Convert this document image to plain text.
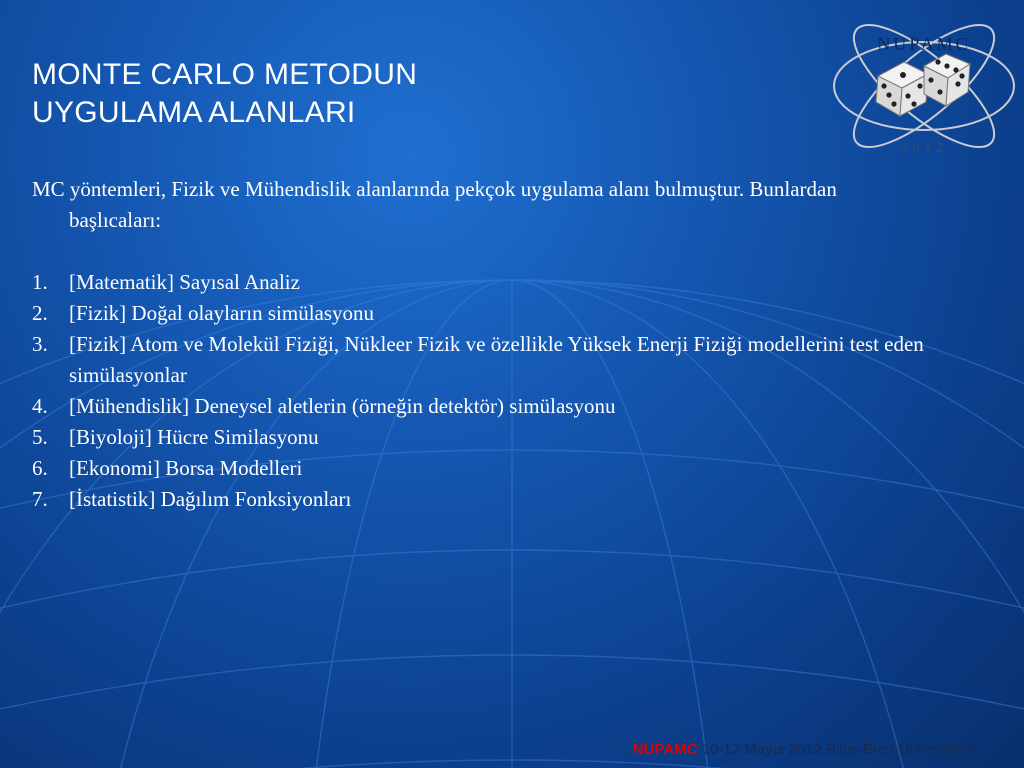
MONTE CARLO METODUN
UYGULAMA ALANLARI
NUPAMC
2012

MC yöntemleri, Fizik ve Mühendislik alanlarında pekçok uygulama alanı bulmuştur. Bunlardan başlıcaları:

1. [Matematik] Sayısal Analiz
2. [Fizik] Doğal olayların simülasyonu
3. [Fizik] Atom ve Molekül Fiziği, Nükleer Fizik ve özellikle Yüksek Enerji Fiziği modellerini test eden simülasyonlar
4. [Mühendislik] Deneysel aletlerin (örneğin detektör) simülasyonu
5. [Biyoloji] Hücre Similasyonu
6. [Ekonomi] Borsa Modelleri
7. [İstatistik] Dağılım Fonksiyonları
NUPAMC 10-12 Mayıs 2012 Bitlis-Eren Üniversitesi
